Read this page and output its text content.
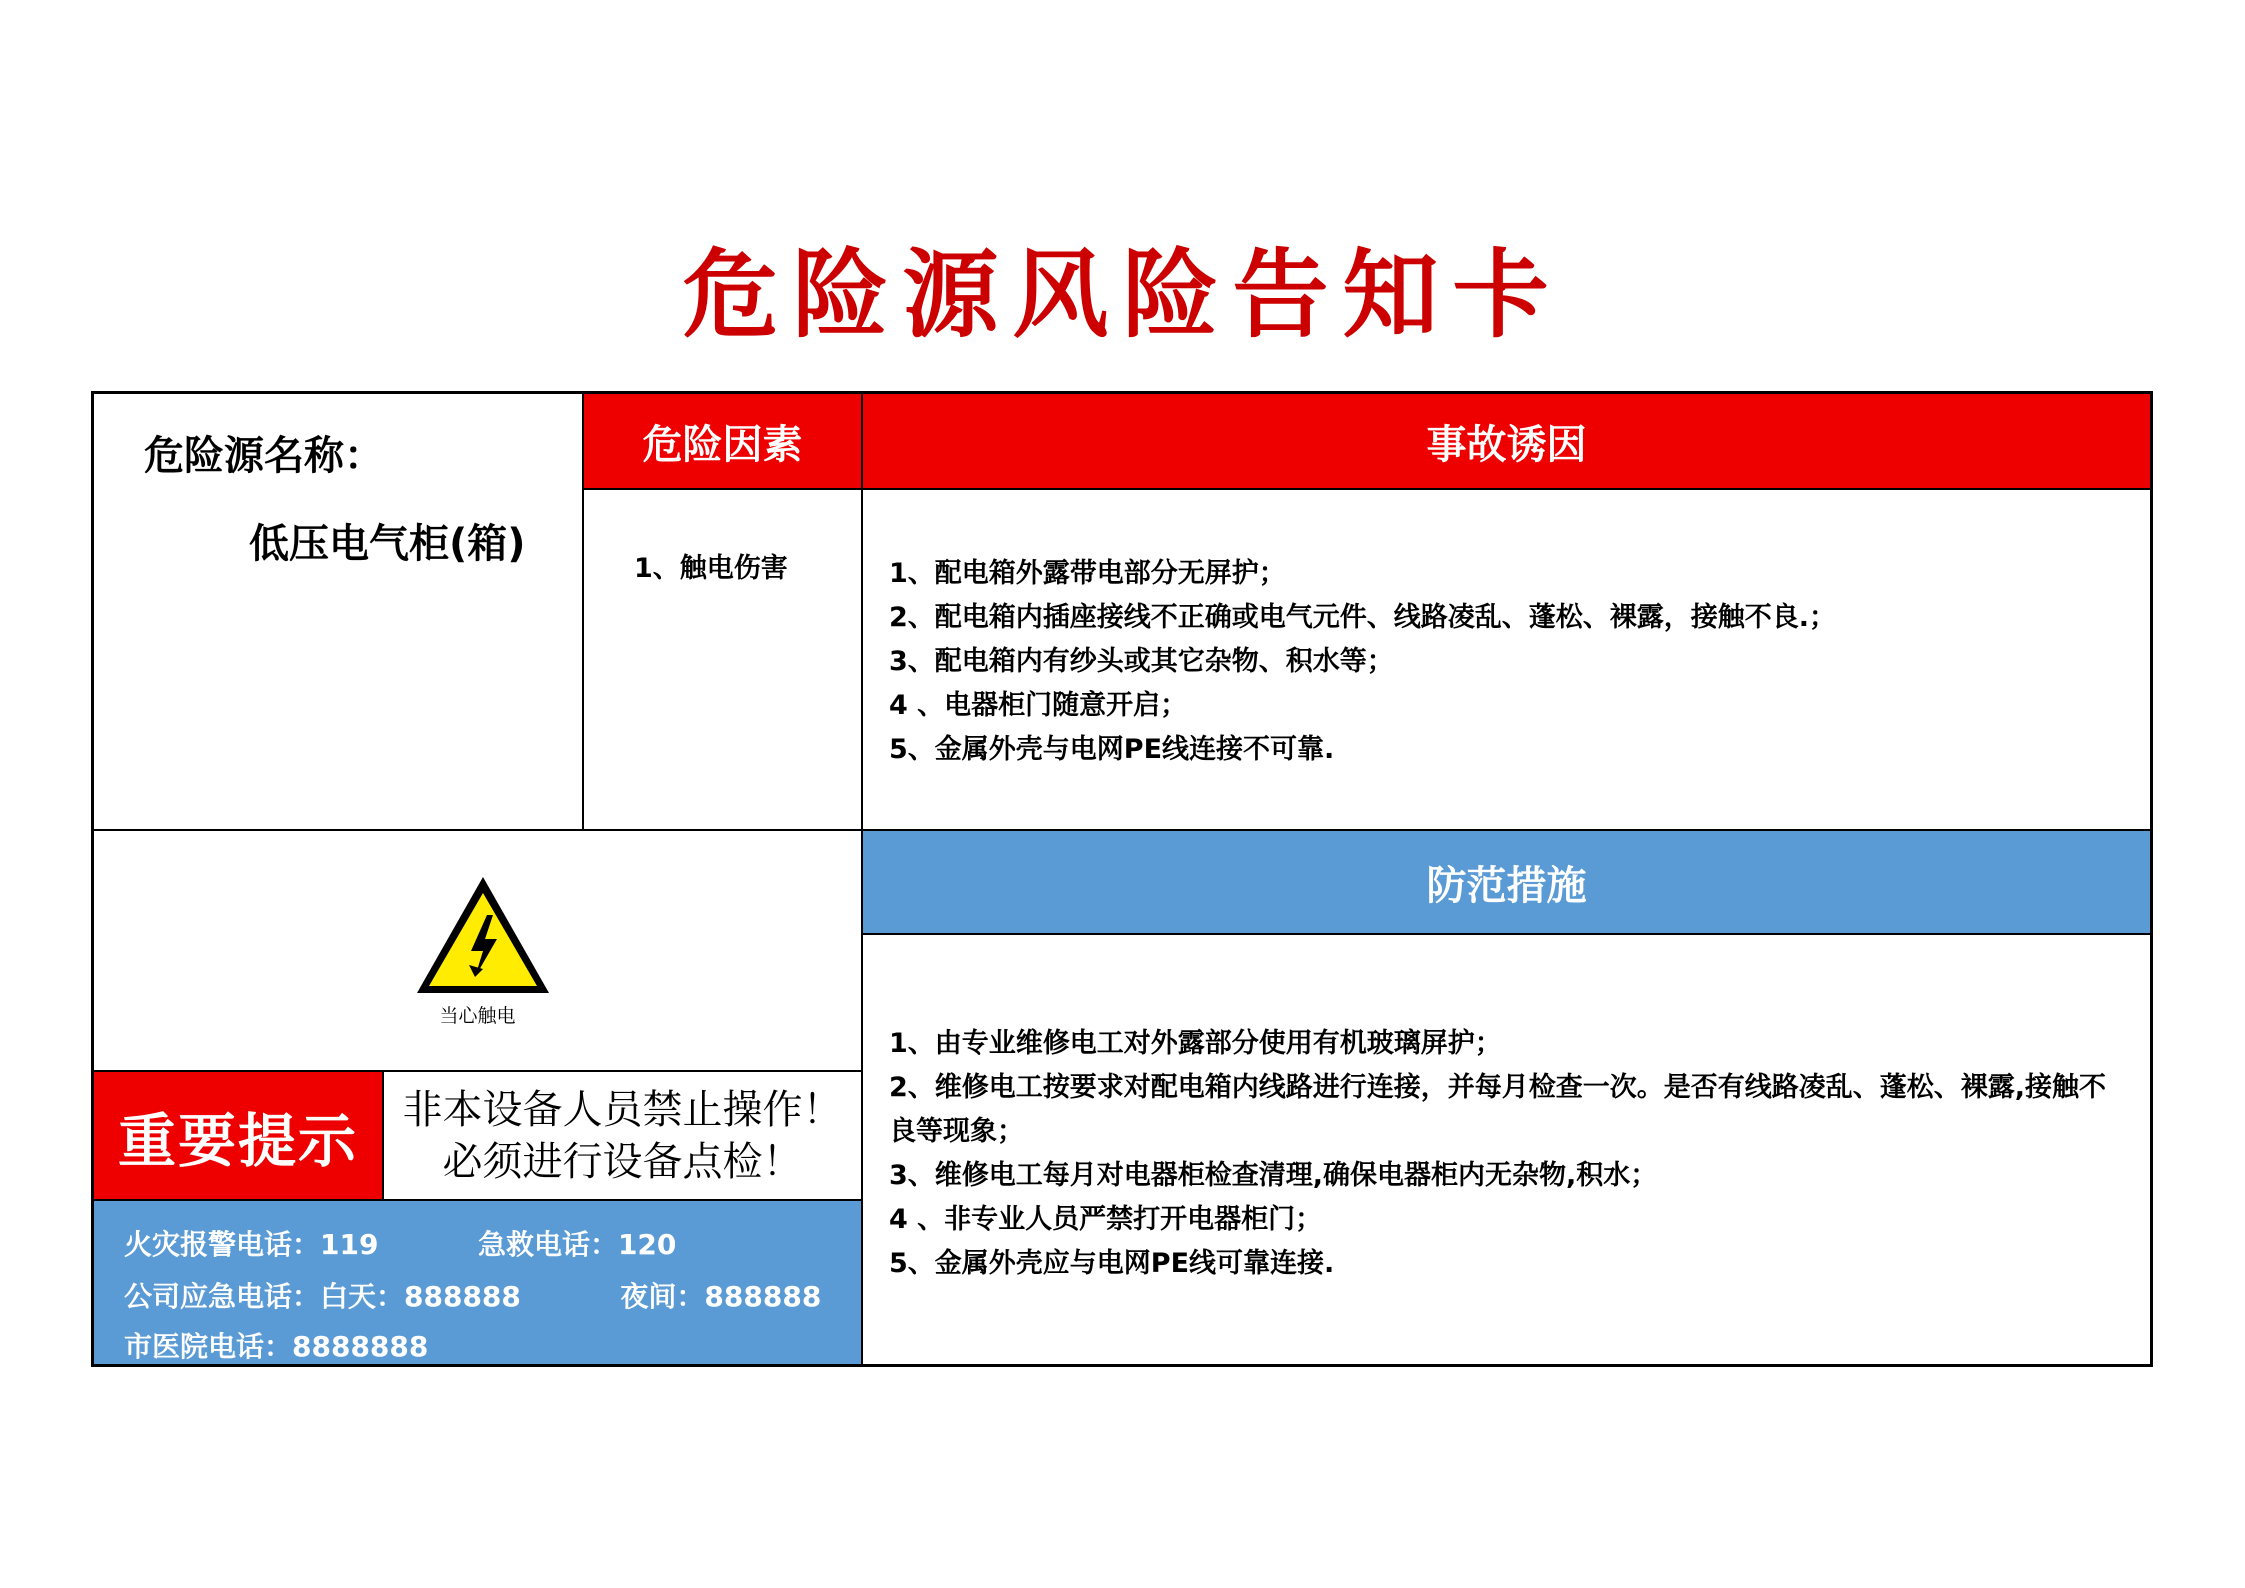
危险源风险告知卡
危险源名称：
低压电气柜(箱)
危险因素
1、触电伤害
事故诱因
1、配电箱外露带电部分无屏护；
2、配电箱内插座接线不正确或电气元件、线路凌乱、蓬松、裸露，接触不良.；
3、配电箱内有纱头或其它杂物、积水等；
4 、电器柜门随意开启；
5、金属外壳与电网PE线连接不可靠.
当心触电
防范措施
1、由专业维修电工对外露部分使用有机玻璃屏护；
2、维修电工按要求对配电箱内线路进行连接，并每月检查一次。是否有线路凌乱、蓬松、裸露,接触不良等现象；
3、维修电工每月对电器柜检查清理,确保电器柜内无杂物,积水；
4 、非专业人员严禁打开电器柜门；
5、金属外壳应与电网PE线可靠连接.
重要提示	非本设备人员禁止操作！
必须进行设备点检！
火灾报警电话：119	急救电话：120
公司应急电话：白天：888888	夜间：888888
市医院电话：8888888
